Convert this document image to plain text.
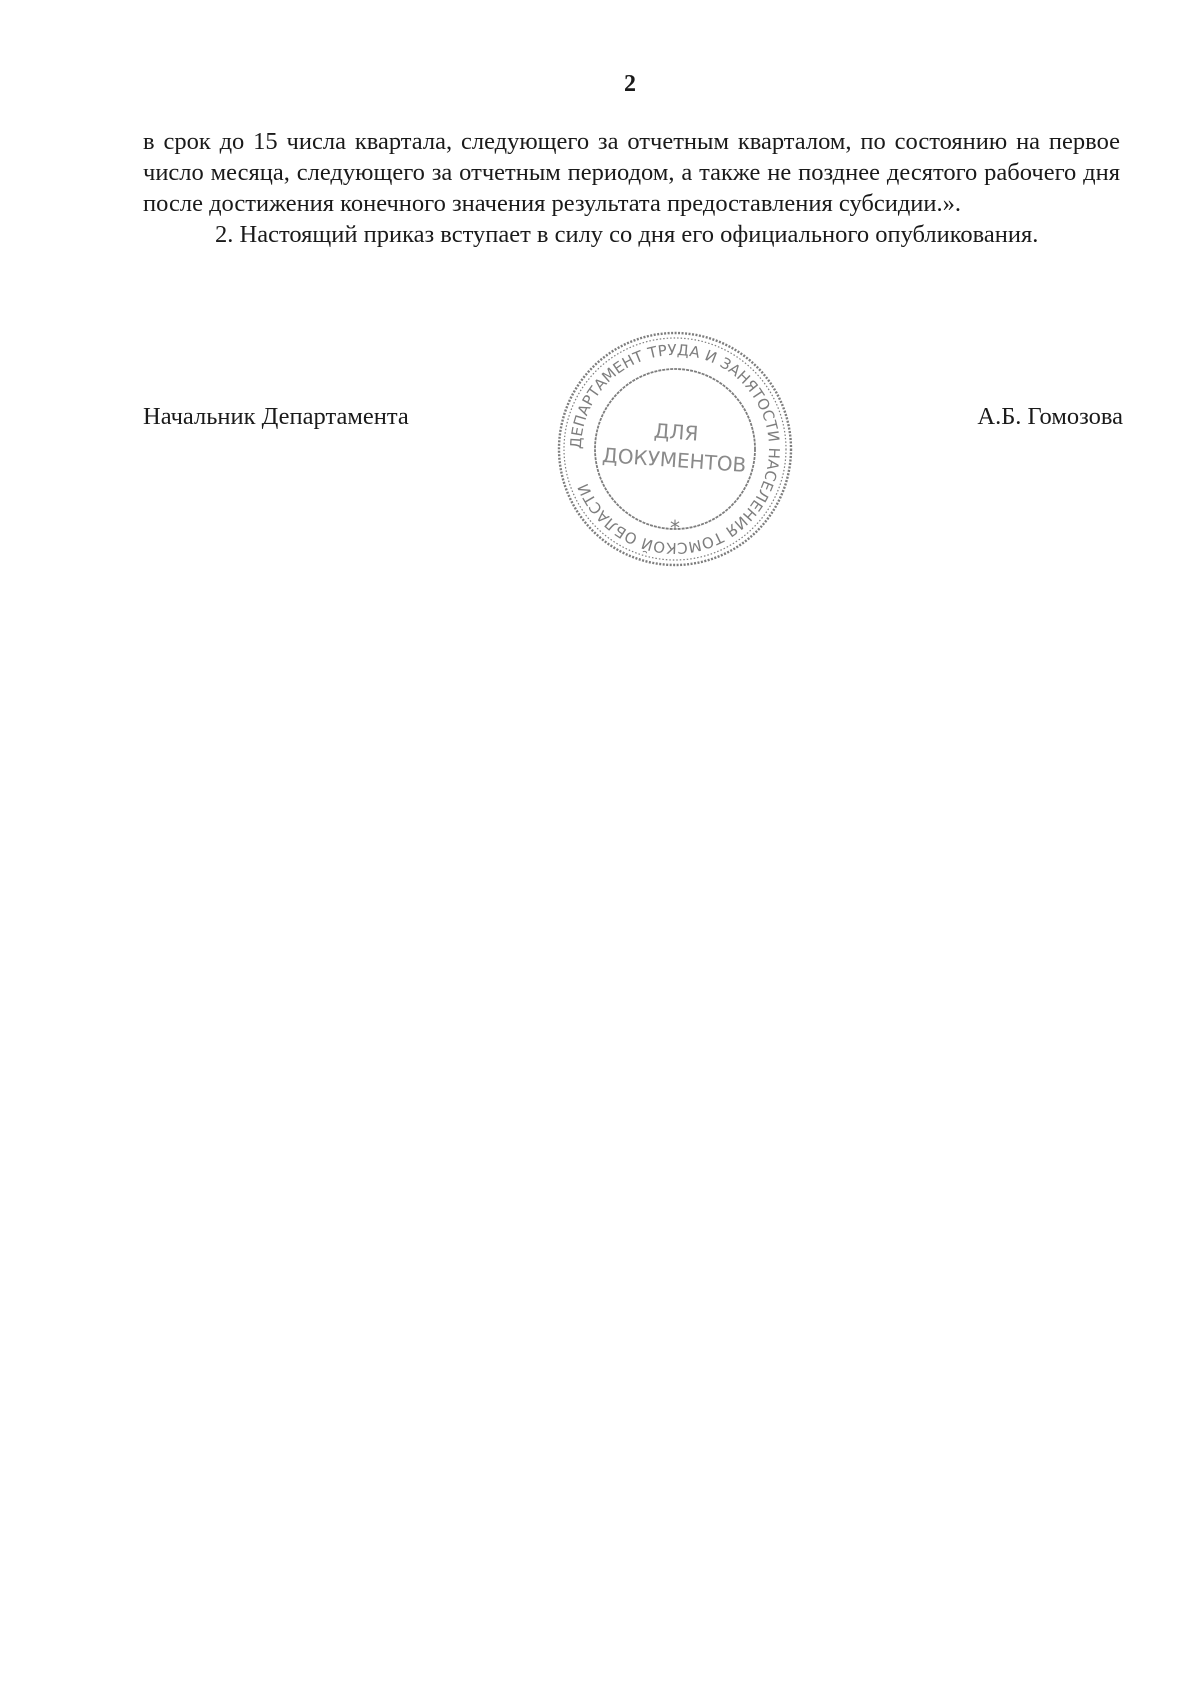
2

в срок до 15 числа квартала, следующего за отчетным кварталом, по состоянию на первое число месяца, следующего за отчетным периодом, а также не позднее десятого рабочего дня после достижения конечного значения результата предоставления субсидии.».

2. Настоящий приказ вступает в силу со дня его официального опубликования.

Начальник Департамента	А.Б. Гомозова
ДЕПАРТАМЕНТ ТРУДА И ЗАНЯТОСТИ НАСЕЛЕНИЯ ТОМСКОЙ ОБЛАСТИ
ДЛЯ
ДОКУМЕНТОВ
*
